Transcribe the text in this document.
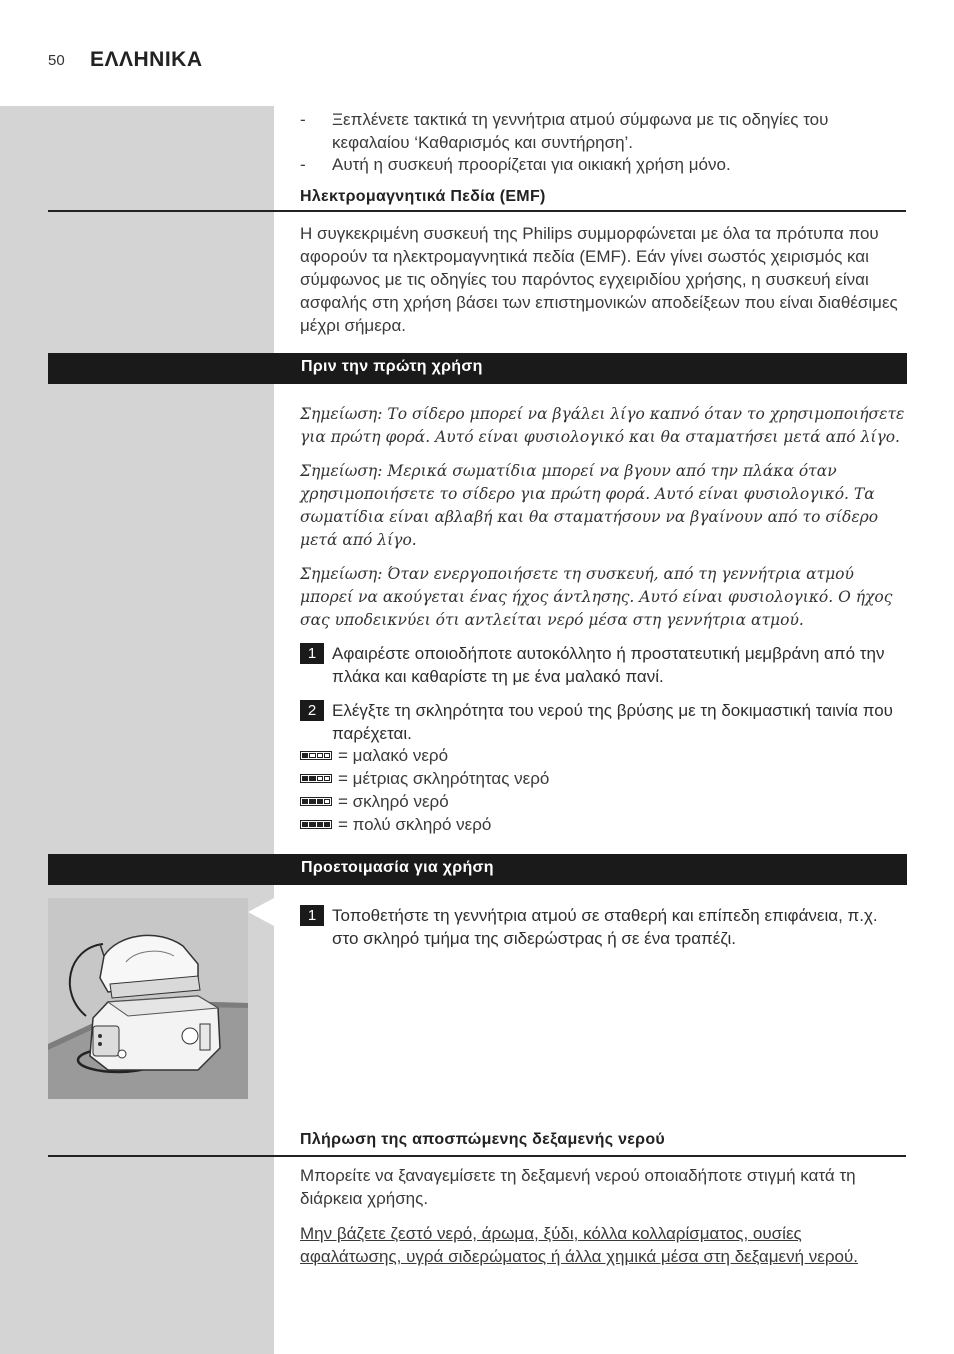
50 ΕΛΛΗΝΙΚΑ
- Ξεπλένετε τακτικά τη γεννήτρια ατμού σύμφωνα με τις οδηγίες του κεφαλαίου ‘Καθαρισμός και συντήρηση’.
- Αυτή η συσκευή προορίζεται για οικιακή χρήση μόνο.
Ηλεκτρομαγνητικά Πεδία (EMF)
Η συγκεκριμένη συσκευή της Philips συμμορφώνεται με όλα τα πρότυπα που αφορούν τα ηλεκτρομαγνητικά πεδία (EMF). Εάν γίνει σωστός χειρισμός και σύμφωνος με τις οδηγίες του παρόντος εγχειριδίου χρήσης, η συσκευή είναι ασφαλής στη χρήση βάσει των επιστημονικών αποδείξεων που είναι διαθέσιμες μέχρι σήμερα.
Πριν την πρώτη χρήση
Σημείωση: Το σίδερο μπορεί να βγάλει λίγο καπνό όταν το χρησιμοποιήσετε για πρώτη φορά. Αυτό είναι φυσιολογικό και θα σταματήσει μετά από λίγο.
Σημείωση: Μερικά σωματίδια μπορεί να βγουν από την πλάκα όταν χρησιμοποιήσετε το σίδερο για πρώτη φορά. Αυτό είναι φυσιολογικό. Τα σωματίδια είναι αβλαβή και θα σταματήσουν να βγαίνουν από το σίδερο μετά από λίγο.
Σημείωση: Όταν ενεργοποιήσετε τη συσκευή, από τη γεννήτρια ατμού μπορεί να ακούγεται ένας ήχος άντλησης. Αυτό είναι φυσιολογικό. Ο ήχος σας υποδεικνύει ότι αντλείται νερό μέσα στη γεννήτρια ατμού.
1 Αφαιρέστε οποιοδήποτε αυτοκόλλητο ή προστατευτική μεμβράνη από την πλάκα και καθαρίστε τη με ένα μαλακό πανί.
2 Ελέγξτε τη σκληρότητα του νερού της βρύσης με τη δοκιμαστική ταινία που παρέχεται.
= μαλακό νερό
= μέτριας σκληρότητας νερό
= σκληρό νερό
= πολύ σκληρό νερό
Προετοιμασία για χρήση
1 Τοποθετήστε τη γεννήτρια ατμού σε σταθερή και επίπεδη επιφάνεια, π.χ. στο σκληρό τμήμα της σιδερώστρας ή σε ένα τραπέζι.
Πλήρωση της αποσπώμενης δεξαμενής νερού
Μπορείτε να ξαναγεμίσετε τη δεξαμενή νερού οποιαδήποτε στιγμή κατά τη διάρκεια χρήσης.
Μην βάζετε ζεστό νερό, άρωμα, ξύδι, κόλλα κολλαρίσματος, ουσίες αφαλάτωσης, υγρά σιδερώματος ή άλλα χημικά μέσα στη δεξαμενή νερού.
